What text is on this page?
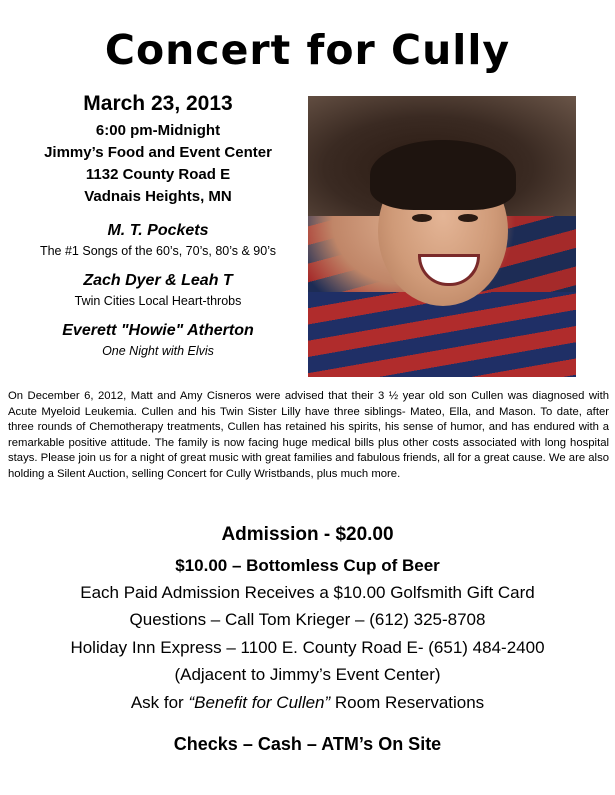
Concert for Cully
March 23, 2013
6:00 pm-Midnight
Jimmy’s Food and Event Center
1132 County Road E
Vadnais Heights, MN
M. T. Pockets
The #1 Songs of the 60’s, 70’s, 80’s & 90’s
Zach Dyer & Leah T
Twin Cities Local Heart-throbs
Everett "Howie" Atherton
One Night with Elvis
On December 6, 2012, Matt and Amy Cisneros were advised that their 3 ½ year old son Cullen was diagnosed with Acute Myeloid Leukemia. Cullen and his Twin Sister Lilly have three siblings- Mateo, Ella, and Mason. To date, after three rounds of Chemotherapy treatments, Cullen has retained his spirits, his sense of humor, and has endured with a remarkable positive attitude. The family is now facing huge medical bills plus other costs associated with long hospital stays. Please join us for a night of great music with great families and fabulous friends, all for a great cause. We are also holding a Silent Auction, selling Concert for Cully Wristbands, plus much more.
Admission - $20.00
$10.00 – Bottomless Cup of Beer
Each Paid Admission Receives a $10.00 Golfsmith Gift Card
Questions – Call Tom Krieger – (612) 325-8708
Holiday Inn Express – 1100 E. County Road E- (651) 484-2400
(Adjacent to Jimmy’s Event Center)
Ask for “Benefit for Cullen” Room Reservations
Checks – Cash – ATM’s On Site
